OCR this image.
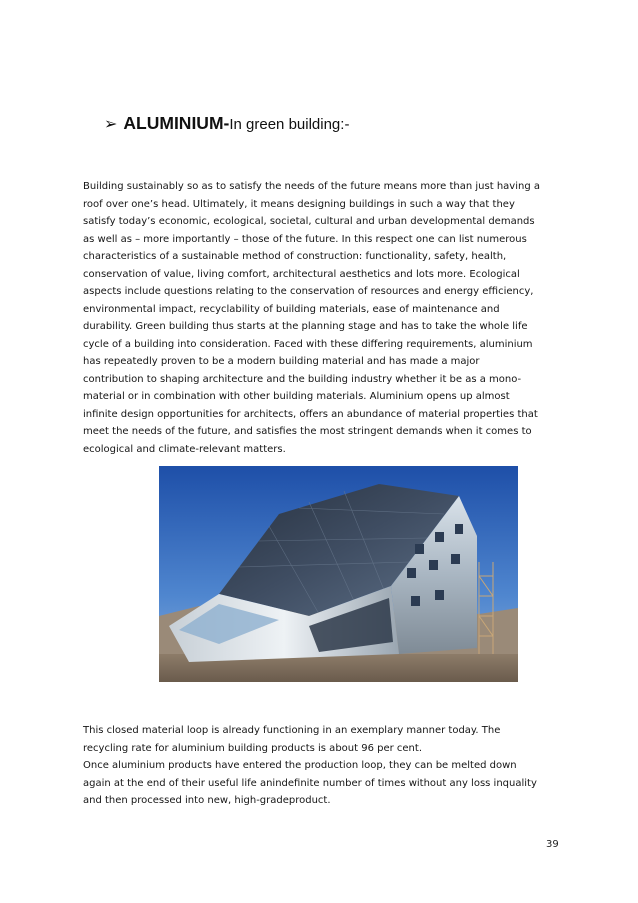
➢ ALUMINIUM-In green building:-
Building sustainably so as to satisfy the needs of the future means more than just having a
roof over one’s head. Ultimately, it means designing buildings in such a way that they
satisfy today’s economic, ecological, societal, cultural and urban developmental demands
as well as – more importantly – those of the future. In this respect one can list numerous
characteristics of a sustainable method of construction: functionality, safety, health,
conservation of value, living comfort, architectural aesthetics and lots more. Ecological
aspects include questions relating to the conservation of resources and energy efficiency,
environmental impact, recyclability of building materials, ease of maintenance and
durability. Green building thus starts at the planning stage and has to take the whole life
cycle of a building into consideration. Faced with these differing requirements, aluminium
has repeatedly proven to be a modern building material and has made a major
contribution to shaping architecture and the building industry whether it be as a mono-
material or in combination with other building materials. Aluminium opens up almost
infinite design opportunities for architects, offers an abundance of material properties that
meet the needs of the future, and satisfies the most stringent demands when it comes to
ecological and climate-relevant matters.
This closed material loop is already functioning in an exemplary manner today. The
recycling rate for aluminium building products is about 96 per cent.
Once aluminium products have entered the production loop, they can be melted down
again at the end of their useful life anindefinite number of times without any loss inquality
and then processed into new, high-gradeproduct.
39
